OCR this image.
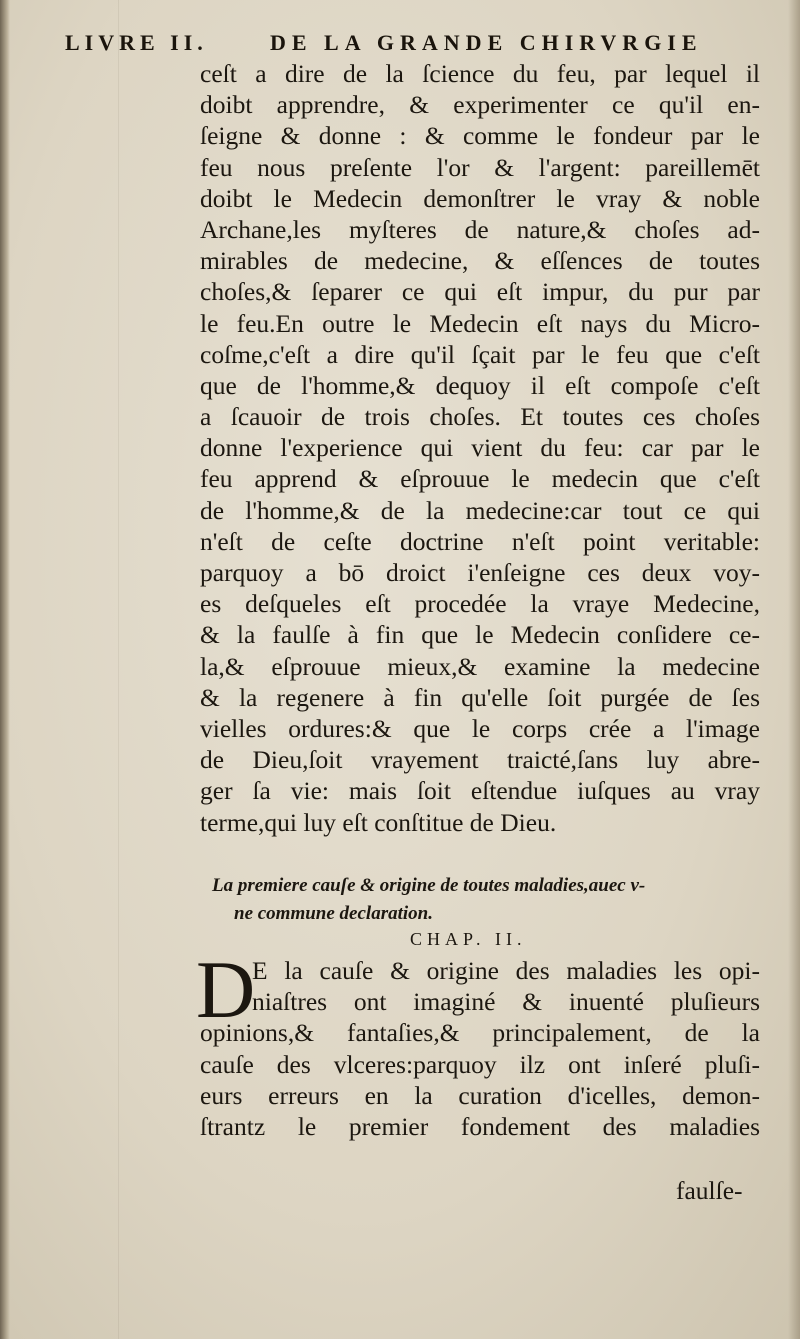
LIVRE II.	DE LA GRANDE CHIRVRGIE
ceſt a dire de la ſcience du feu, par lequel il
doibt apprendre, & experimenter ce qu'il en-
ſeigne & donne : & comme le fondeur par le
feu nous preſente l'or & l'argent: pareillemēt
doibt le Medecin demonſtrer le vray & noble
Archane,les myſteres de nature,& choſes ad-
mirables de medecine, & eſſences de toutes
choſes,& ſeparer ce qui eſt impur, du pur par
le feu.En outre le Medecin eſt nays du Micro-
coſme,c'eſt a dire qu'il ſçait par le feu que c'eſt
que de l'homme,& dequoy il eſt compoſe c'eſt
a ſcauoir de trois choſes. Et toutes ces choſes
donne l'experience qui vient du feu: car par le
feu apprend & eſprouue le medecin que c'eſt
de l'homme,& de la medecine:car tout ce qui
n'eſt de ceſte doctrine n'eſt point veritable:
parquoy a bō droict i'enſeigne ces deux voy-
es deſqueles eſt procedée la vraye Medecine,
& la faulſe à fin que le Medecin conſidere ce-
la,& eſprouue mieux,& examine la medecine
& la regenere à fin qu'elle ſoit purgée de ſes
vielles ordures:& que le corps crée a l'image
de Dieu,ſoit vrayement traicté,ſans luy abre-
ger ſa vie: mais ſoit eſtendue iuſques au vray
terme,qui luy eſt conſtitue de Dieu.
La premiere cauſe & origine de toutes maladies,auec v-
ne commune declaration.
CHAP. II.
D
E la cauſe & origine des maladies les opi-
niaſtres ont imaginé & inuenté pluſieurs
opinions,& fantaſies,& principalement, de la
cauſe des vlceres:parquoy ilz ont inſeré pluſi-
eurs erreurs en la curation d'icelles, demon-
ſtrantz le premier fondement des maladies
faulſe-
